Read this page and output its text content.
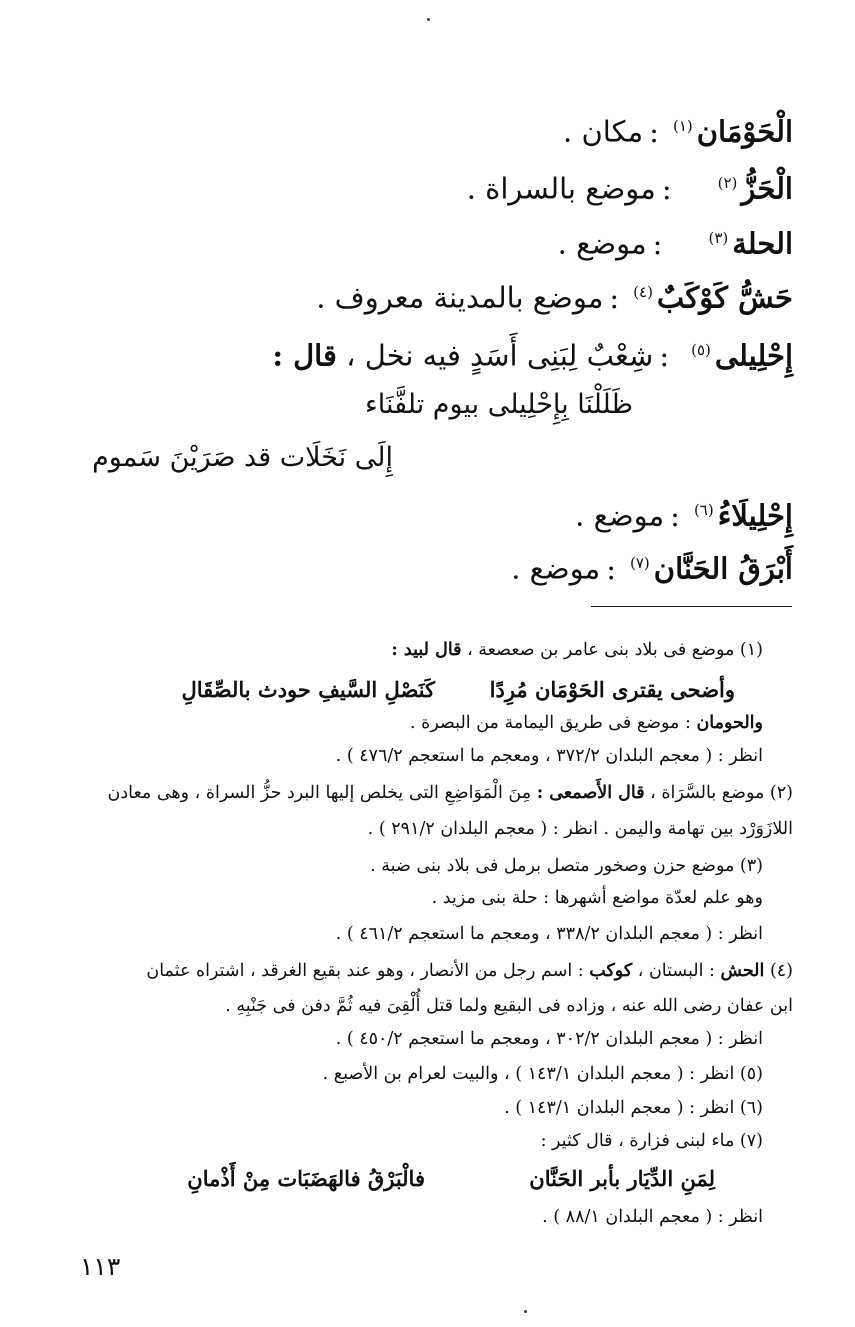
الْحَوْمَان$^{(١)}$:مكان .
الْحَزُّ$^{(٢)}$:موضع بالسراة .
الحلة$^{(٣)}$:موضع .
حَشُّ كَوْكَبٌ$^{(٤)}$:موضع بالمدينة معروف .
إِحْلِيلى$^{(٥)}$:شِعْبٌ لِبَنِى أَسَدٍ فيه نخل ، قال :
ظَلَلْنَا بِإِحْلِيلى بيوم تلفَّنَاء
إِلَى نَخَلَات قد صَرَيْنَ سَموم
إِحْلِيلَاءُ$^{(٦)}$:موضع .
أَبْرَقُ الحَنَّان$^{(٧)}$:موضع .
(١) موضع فى بلاد بنى عامر بن صعصعة ، قال لبيد :
وأضحى يقترى الحَوْمَان مُرِدًا
كَنَصْلِ السَّيفِ حودث بالصِّقَالِ
والحومان : موضع فى طريق اليمامة من البصرة .
انظر : ( معجم البلدان ٣٧٢/٢ ، ومعجم ما استعجم ٤٧٦/٢ ) .
(٢) موضع بالسَّرَاة ، قال الأَصمعى : مِنَ الْمَوَاضِعِ التى يخلص إليها البرد حزُّ السراة ، وهى معادن
اللازَوَرْد بين تهامة واليمن . انظر : ( معجم البلدان ٢٩١/٢ ) .
(٣) موضع حزن وصخور متصل برمل فى بلاد بنى ضبة .
وهو علم لعدّة مواضع أشهرها : حلة بنى مزيد .
انظر : ( معجم البلدان ٣٣٨/٢ ، ومعجم ما استعجم ٤٦١/٢ ) .
(٤) الحش : البستان ، كوكب : اسم رجل من الأنصار ، وهو عند بقيع الغرقد ، اشتراه عثمان
ابن عفان رضى الله عنه ، وزاده فى البقيع ولما قتل أُلْقِىَ فيه ثُمَّ دفن فى جَنْبِهِ .
انظر : ( معجم البلدان ٣٠٢/٢ ، ومعجم ما استعجم ٤٥٠/٢ ) .
(٥) انظر : ( معجم البلدان ١٤٣/١ ) ، والبيت لعرام بن الأصبع .
(٦) انظر : ( معجم البلدان ١٤٣/١ ) .
(٧) ماء لبنى فزارة ، قال كثير :
لِمَنِ الدِّيَار بأبر الحَنَّان
فالْبَرْقُ فالهَضَبَات مِنْ أَذْمانِ
انظر : ( معجم البلدان ٨٨/١ ) .
١١٣
